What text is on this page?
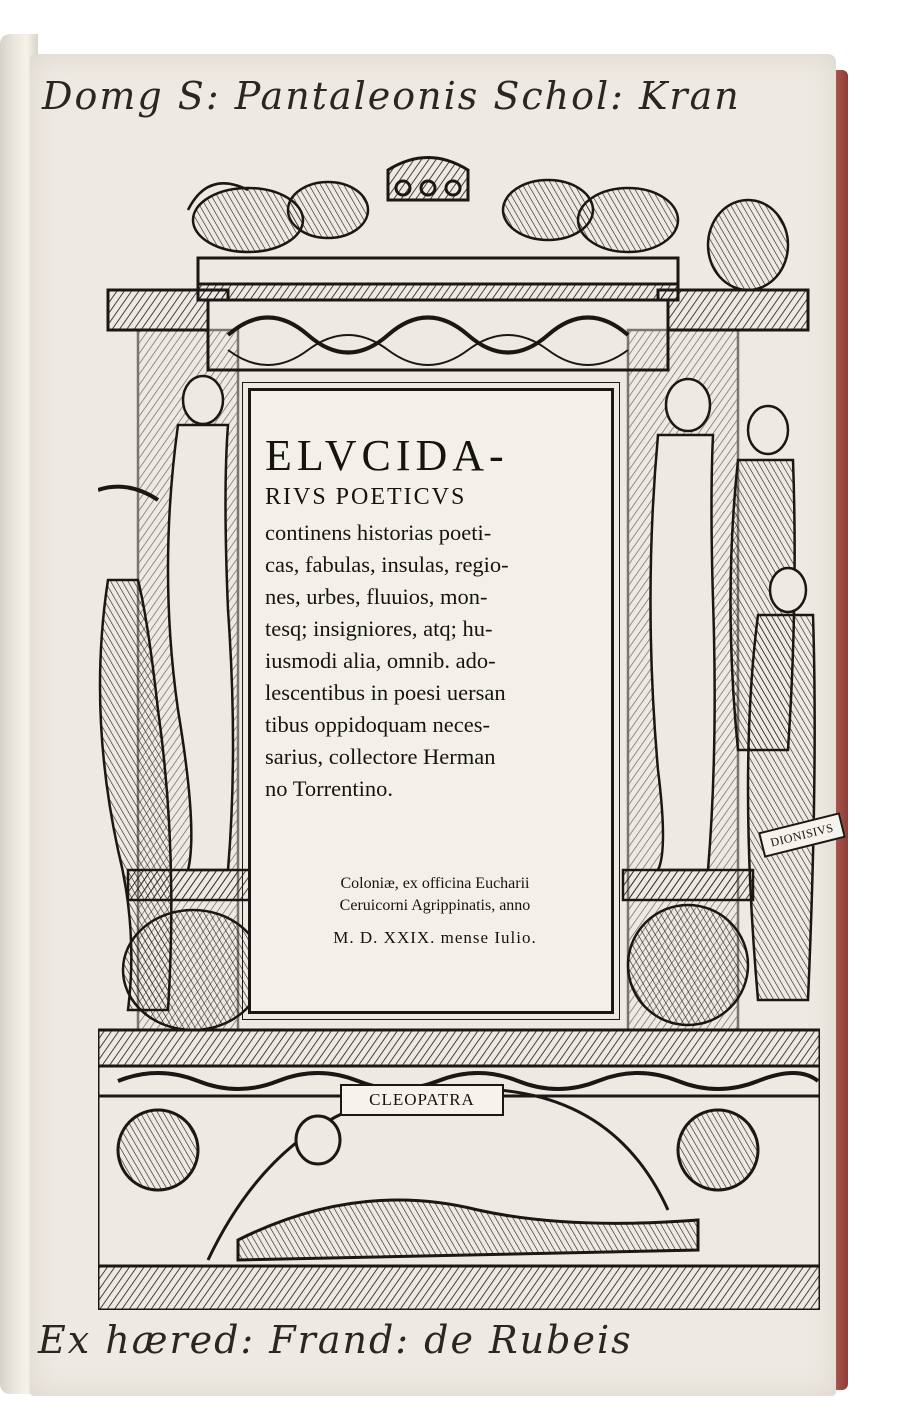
Domg S: Pantaleonis Schol: Kran

ELVCIDA-

RIVS POETICVS

continens historias poeti-

cas, fabulas, insulas, regio-

nes, urbes, fluuios, mon-

tesq; insigniores, atq; hu-

iusmodi alia, omnib. ado-

lescentibus in poesi uersan

tibus oppidoquam neces-

sarius, collectore Herman

no Torrentino.

Coloniæ, ex officina Eucharii

Ceruicorni Agrippinatis, anno

M. D. XXIX. mense Iulio.

CLEOPATRA
DIONISIVS
Ex hæred: Frand: de Rubeis
